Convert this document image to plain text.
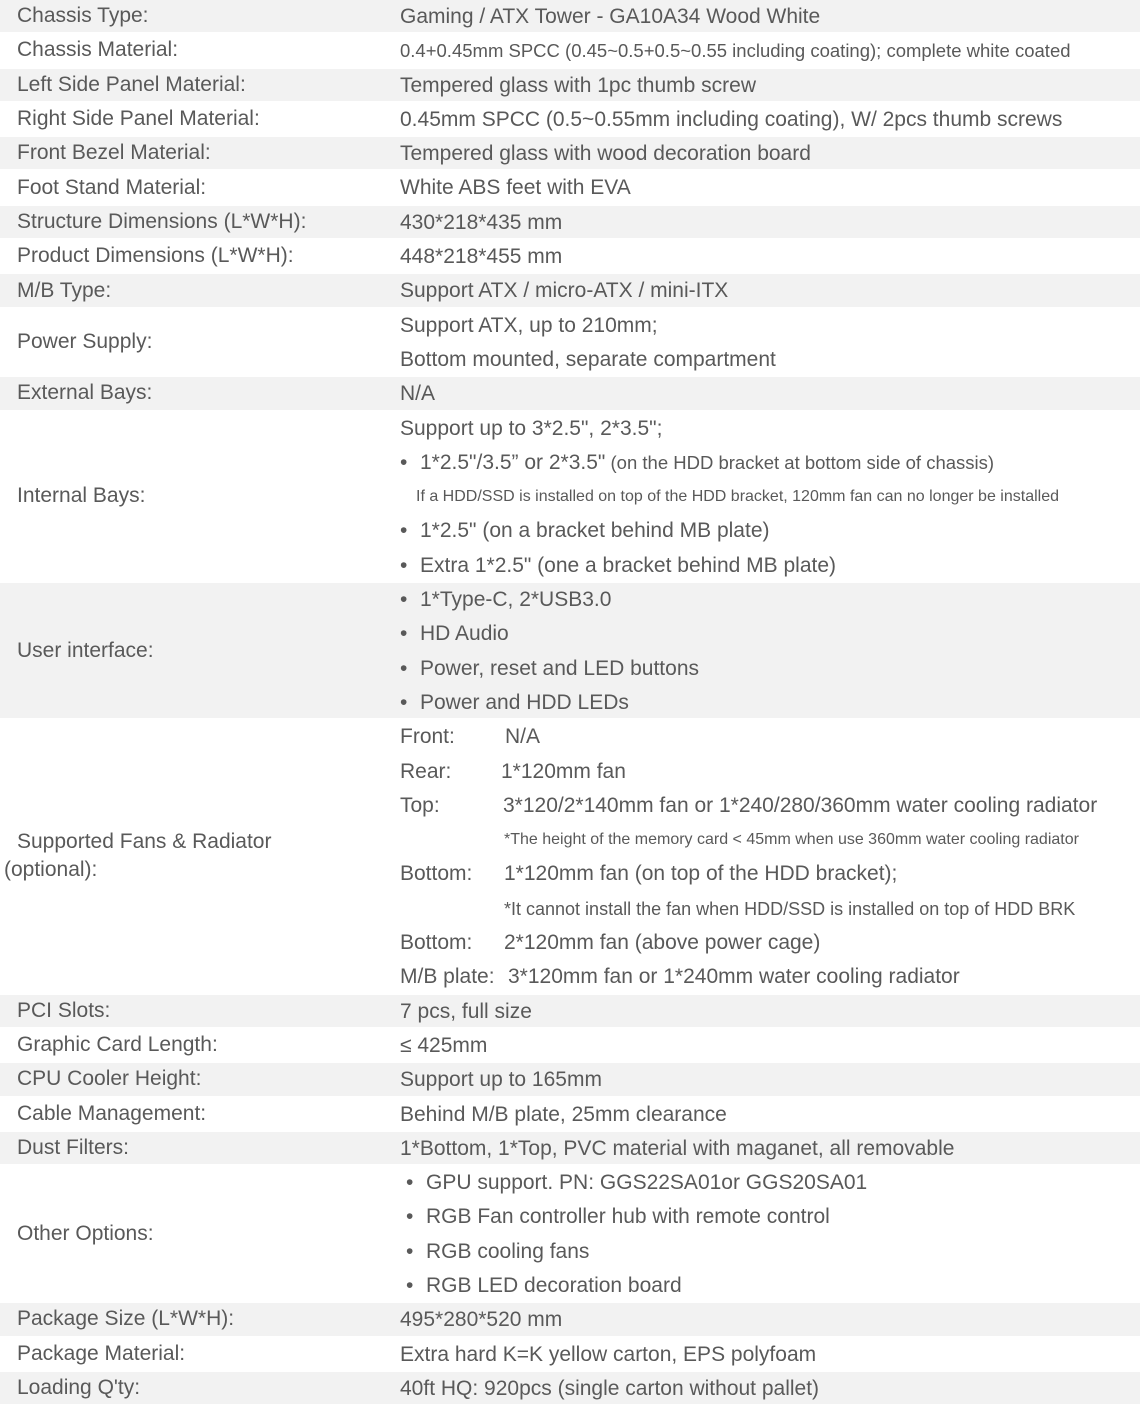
Chassis Type:	Gaming / ATX Tower - GA10A34 Wood White
Chassis Material:	0.4+0.45mm SPCC (0.45~0.5+0.5~0.55 including coating); complete white coated
Left Side Panel Material:	Tempered glass with 1pc thumb screw
Right Side Panel Material:	0.45mm SPCC (0.5~0.55mm including coating), W/ 2pcs thumb screws
Front Bezel Material:	Tempered glass with wood decoration board
Foot Stand Material:	White ABS feet with EVA
Structure Dimensions (L*W*H):	430*218*435 mm
Product Dimensions (L*W*H):	448*218*455 mm
M/B Type:	Support ATX / micro-ATX / mini-ITX
Power Supply:
Support ATX, up to 210mm;
Bottom mounted, separate compartment
External Bays:	N/A
Internal Bays:
Support up to 3*2.5", 2*3.5";
• 1*2.5"/3.5” or 2*3.5" (on the HDD bracket at bottom side of chassis)
If a HDD/SSD is installed on top of the HDD bracket, 120mm fan can no longer be installed
• 1*2.5" (on a bracket behind MB plate)
• Extra 1*2.5" (one a bracket behind MB plate)
User interface:
• 1*Type-C, 2*USB3.0
• HD Audio
• Power, reset and LED buttons
• Power and HDD LEDs
Supported Fans & Radiator
(optional):
Front: N/A
Rear: 1*120mm fan
Top:	3*120/2*140mm fan or 1*240/280/360mm water cooling radiator
*The height of the memory card < 45mm when use 360mm water cooling radiator
Bottom: 1*120mm fan (on top of the HDD bracket);
*It cannot install the fan when HDD/SSD is installed on top of HDD BRK
Bottom: 2*120mm fan (above power cage)
M/B plate: 3*120mm fan or 1*240mm water cooling radiator
PCI Slots:	7 pcs, full size
Graphic Card Length:	≤ 425mm
CPU Cooler Height:	Support up to 165mm
Cable Management:	Behind M/B plate, 25mm clearance
Dust Filters:	1*Bottom, 1*Top, PVC material with maganet, all removable
Other Options:
• GPU support. PN: GGS22SA01or GGS20SA01
• RGB Fan controller hub with remote control
• RGB cooling fans
• RGB LED decoration board
Package Size (L*W*H):	495*280*520 mm
Package Material:	Extra hard K=K yellow carton, EPS polyfoam
Loading Q'ty:	40ft HQ: 920pcs (single carton without pallet)
